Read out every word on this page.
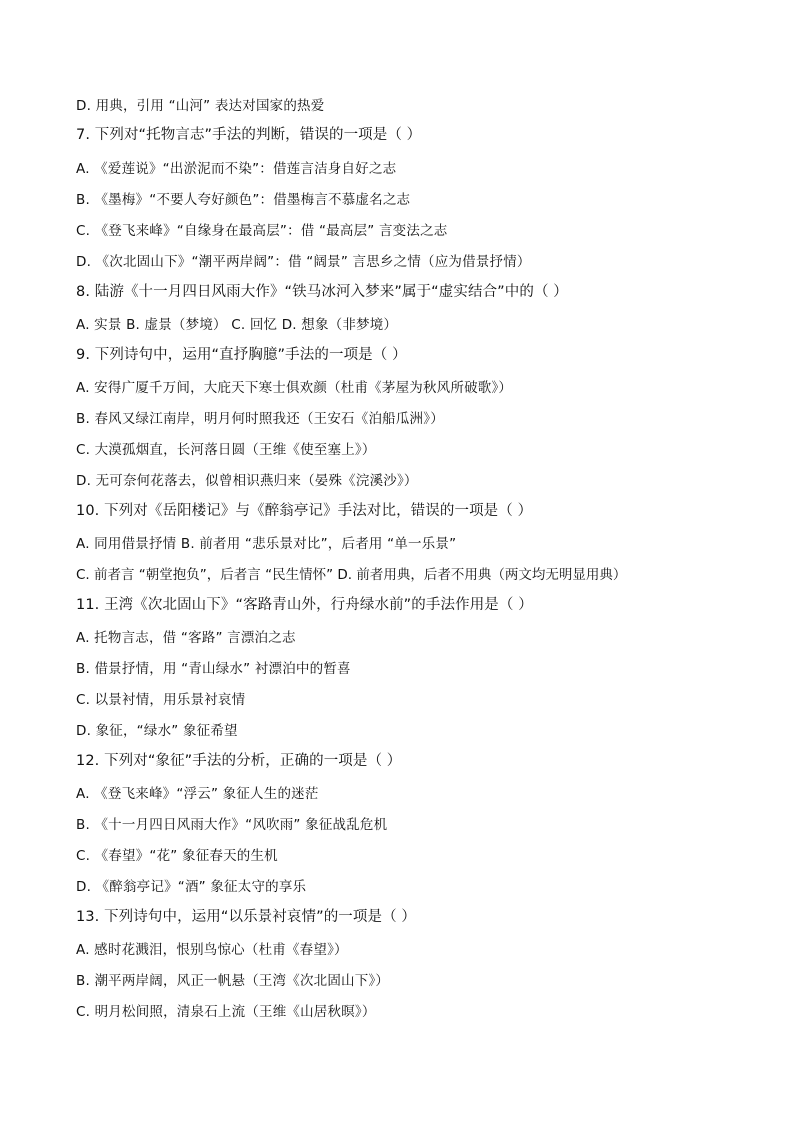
D. 用典，引用 “山河” 表达对国家的热爱
7. 下列对“托物言志”手法的判断，错误的一项是（ ）
A. 《爱莲说》“出淤泥而不染”：借莲言洁身自好之志
B. 《墨梅》“不要人夸好颜色”：借墨梅言不慕虚名之志
C. 《登飞来峰》“自缘身在最高层”：借 “最高层” 言变法之志
D. 《次北固山下》“潮平两岸阔”：借 “阔景” 言思乡之情（应为借景抒情）
8. 陆游《十一月四日风雨大作》“铁马冰河入梦来”属于“虚实结合”中的（ ）
A. 实景 B. 虚景（梦境） C. 回忆 D. 想象（非梦境）
9. 下列诗句中，运用“直抒胸臆”手法的一项是（ ）
A. 安得广厦千万间，大庇天下寒士俱欢颜（杜甫《茅屋为秋风所破歌》）
B. 春风又绿江南岸，明月何时照我还（王安石《泊船瓜洲》）
C. 大漠孤烟直，长河落日圆（王维《使至塞上》）
D. 无可奈何花落去，似曾相识燕归来（晏殊《浣溪沙》）
10. 下列对《岳阳楼记》与《醉翁亭记》手法对比，错误的一项是（ ）
A. 同用借景抒情 B. 前者用 “悲乐景对比”，后者用 “单一乐景”
C. 前者言 “朝堂抱负”，后者言 “民生情怀” D. 前者用典，后者不用典（两文均无明显用典）
11. 王湾《次北固山下》“客路青山外，行舟绿水前”的手法作用是（ ）
A. 托物言志，借 “客路” 言漂泊之志
B. 借景抒情，用 “青山绿水” 衬漂泊中的暂喜
C. 以景衬情，用乐景衬哀情
D. 象征，“绿水” 象征希望
12. 下列对“象征”手法的分析，正确的一项是（ ）
A. 《登飞来峰》“浮云” 象征人生的迷茫
B. 《十一月四日风雨大作》“风吹雨” 象征战乱危机
C. 《春望》“花” 象征春天的生机
D. 《醉翁亭记》“酒” 象征太守的享乐
13. 下列诗句中，运用“以乐景衬哀情”的一项是（ ）
A. 感时花溅泪，恨别鸟惊心（杜甫《春望》）
B. 潮平两岸阔，风正一帆悬（王湾《次北固山下》）
C. 明月松间照，清泉石上流（王维《山居秋暝》）
